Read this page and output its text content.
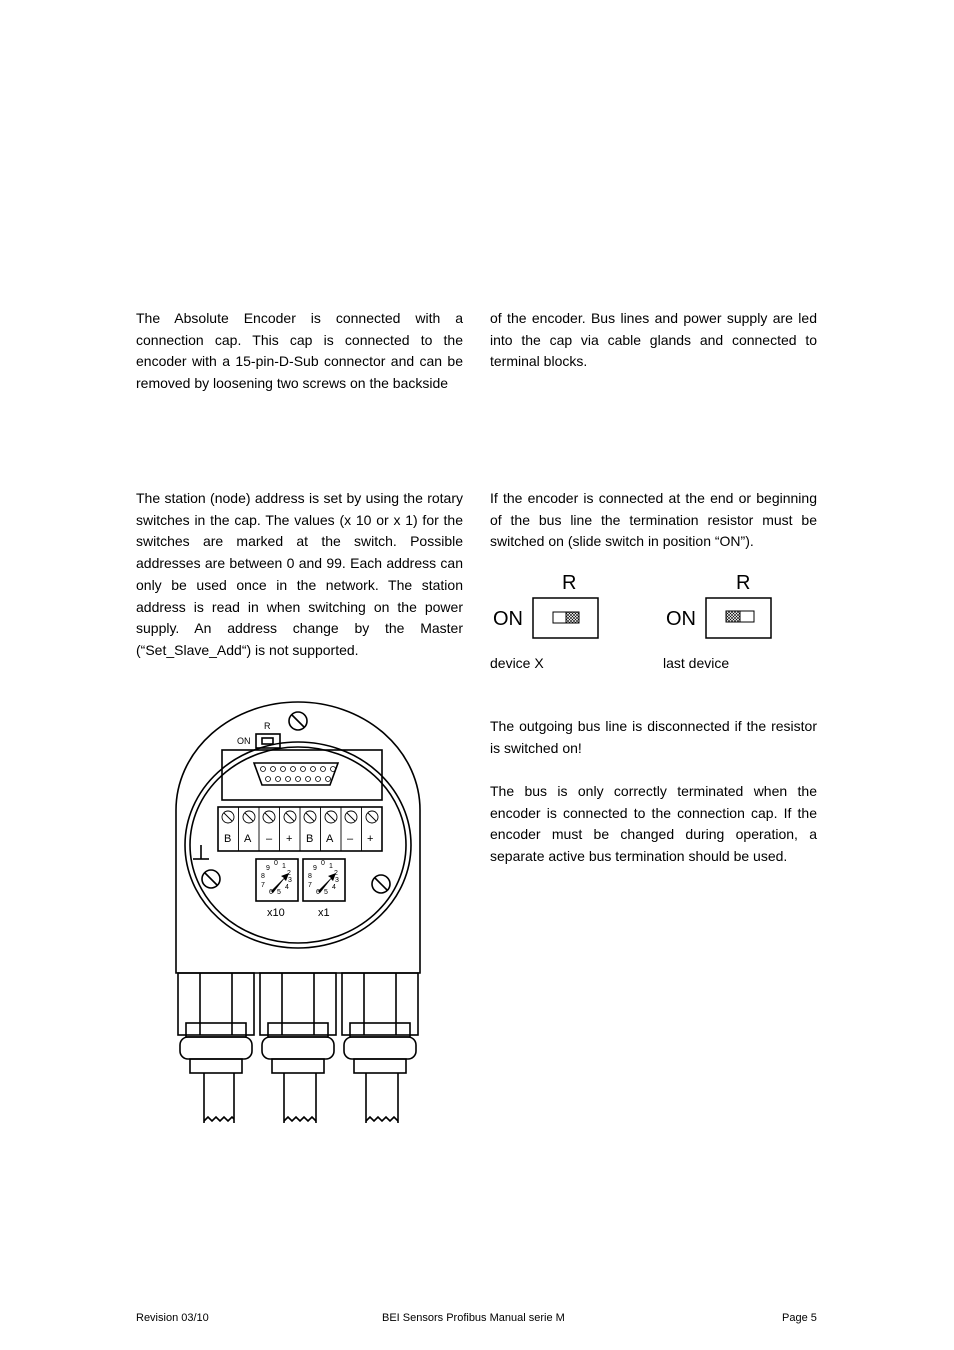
The Absolute Encoder is connected with a connection cap. This cap is connected to the encoder with a 15-pin-D-Sub connector and can be removed by loosening two screws on the backside

of the encoder. Bus lines and power supply are led into the cap via cable glands and connected to terminal blocks.

The station (node) address is set by using the rotary switches in the cap. The values (x 10 or x 1) for the switches are marked at the switch. Possible addresses are between 0 and 99. Each address can only be used once in the network. The station address is read in when switching on the power supply. An address change by the Master (“Set_Slave_Add“) is not supported.

If the encoder is connected at the end or beginning of the bus line the termination resistor must be switched on (slide switch in position “ON”).

R
ON
device X
R
ON
last device

The outgoing bus line is disconnected if the resistor is switched on!

The bus is only correctly terminated when the encoder is connected to the connection cap. If the encoder must be changed during operation, a separate active bus termination should be used.

R
ON
B A – + B A – +
0 1
2
3
4
5
6
7
8
9
0 1
2
3
4
5
6
7
8
9
x10	x1
Revision 03/10	BEI Sensors Profibus Manual serie M	Page 5
